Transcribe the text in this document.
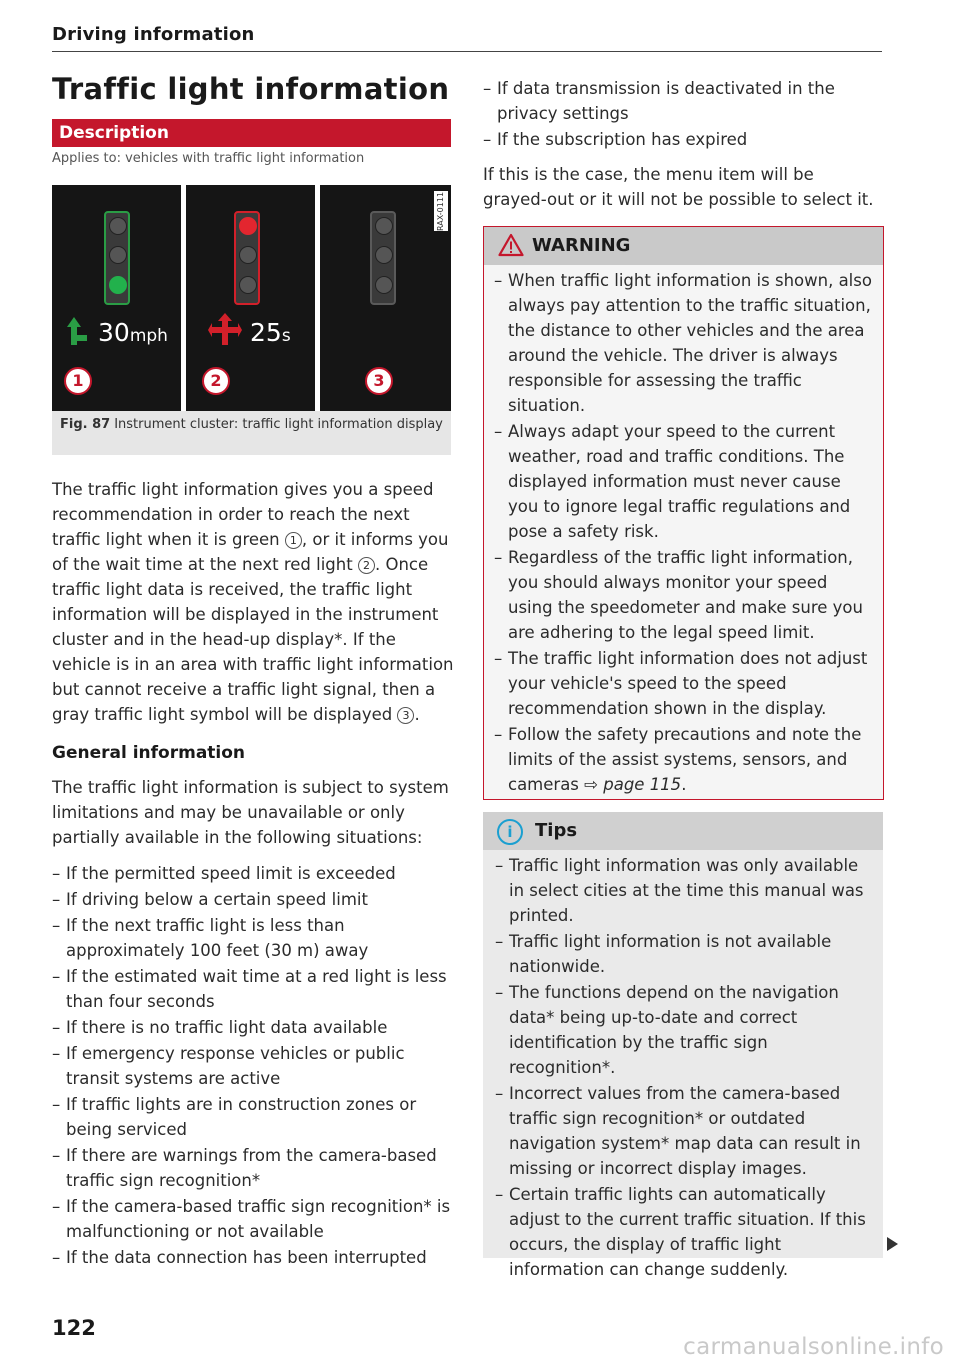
Driving information
Traffic light information
Description
Applies to: vehicles with traffic light information
30mph
1
25s
2	3
RAX-0111
Fig. 87 Instrument cluster: traffic light information display

The traffic light information gives you a speed recommendation in order to reach the next traffic light when it is green 1 , or it informs you of the wait time at the next red light 2 . Once traffic light data is received, the traffic light information will be displayed in the instrument cluster and in the head-up display*. If the vehicle is in an area with traffic light information but cannot receive a traffic light signal, then a gray traffic light symbol will be displayed 3 .

General information

The traffic light information is subject to system limitations and may be unavailable or only partially available in the following situations:

– If the permitted speed limit is exceeded
– If driving below a certain speed limit
– If the next traffic light is less than approximately 100 feet (30 m) away
– If the estimated wait time at a red light is less than four seconds
– If there is no traffic light data available
– If emergency response vehicles or public transit systems are active
– If traffic lights are in construction zones or being serviced
– If there are warnings from the camera-based traffic sign recognition*
– If the camera-based traffic sign recognition* is malfunctioning or not available
– If the data connection has been interrupted
– If data transmission is deactivated in the privacy settings
– If the subscription has expired

If this is the case, the menu item will be grayed-out or it will not be possible to select it.

WARNING
– When traffic light information is shown, also always pay attention to the traffic situation, the distance to other vehicles and the area around the vehicle. The driver is always responsible for assessing the traffic situation.
– Always adapt your speed to the current weather, road and traffic conditions. The displayed information must never cause you to ignore legal traffic regulations and pose a safety risk.
– Regardless of the traffic light information, you should always monitor your speed using the speedometer and make sure you are adhering to the legal speed limit.
– The traffic light information does not adjust your vehicle's speed to the speed recommendation shown in the display.
– Follow the safety precautions and note the limits of the assist systems, sensors, and cameras ⇨ page 115.
i	Tips
– Traffic light information was only available in select cities at the time this manual was printed.
– Traffic light information is not available nationwide.
– The functions depend on the navigation data* being up-to-date and correct identification by the traffic sign recognition*.
– Incorrect values from the camera-based traffic sign recognition* or outdated navigation system* map data can result in missing or incorrect display images.
– Certain traffic lights can automatically adjust to the current traffic situation. If this occurs, the display of traffic light information can change suddenly.
122
carmanualsonline.info
